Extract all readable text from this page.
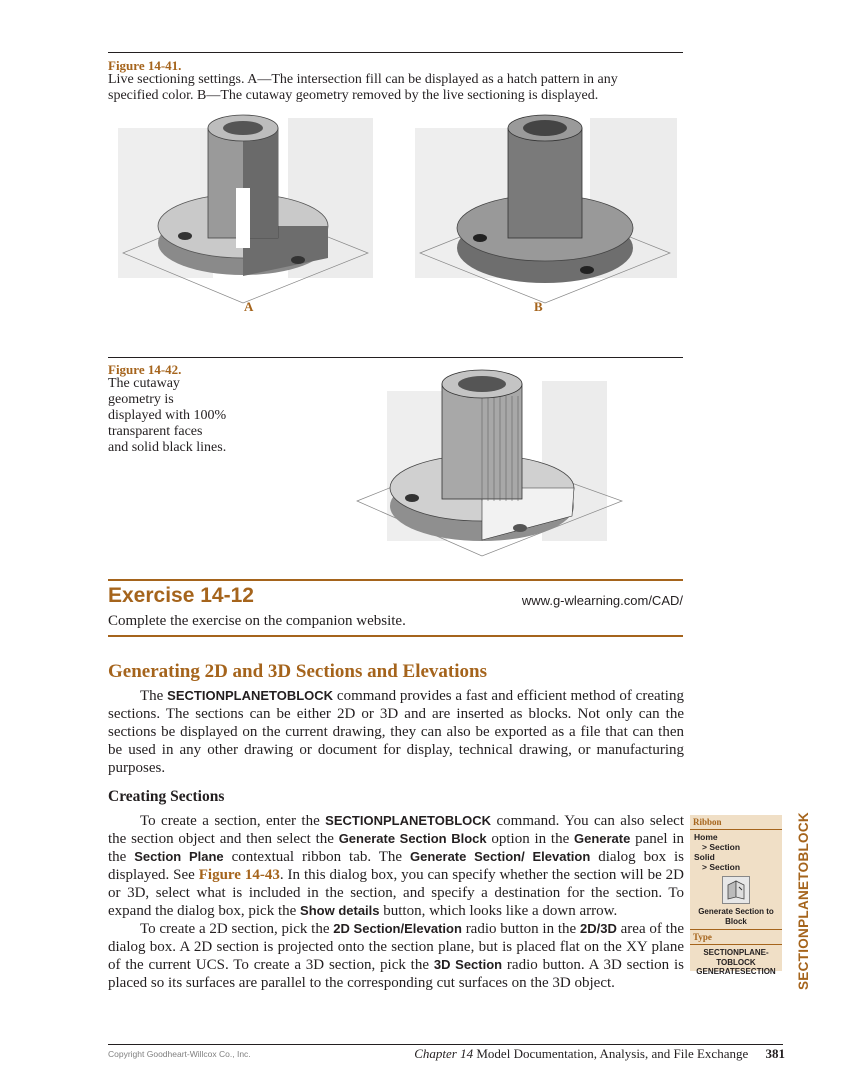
Figure 14-41.
Live sectioning settings. A—The intersection fill can be displayed as a hatch pattern in any
specified color. B—The cutaway geometry removed by the live sectioning is displayed.
A	B
Figure 14-42.
The cutaway
geometry is
displayed with 100%
transparent faces
and solid black lines.
Exercise 14-12	www.g-wlearning.com/CAD/
Complete the exercise on the companion website.
Generating 2D and 3D Sections and Elevations

The SECTIONPLANETOBLOCK command provides a fast and efficient method of creating sections. The sections can be either 2D or 3D and are inserted as blocks. Not only can the sections be displayed on the current drawing, they can also be exported as a file that can then be used in any other drawing or document for display, technical drawing, or manufacturing purposes.

Creating Sections

To create a section, enter the SECTIONPLANETOBLOCK command. You can also select the section object and then select the Generate Section Block option in the Generate panel in the Section Plane contextual ribbon tab. The Generate Section/ Elevation dialog box is displayed. See Figure 14-43. In this dialog box, you can specify whether the section will be 2D or 3D, select what is included in the section, and specify a destination for the section. To expand the dialog box, pick the Show details button, which looks like a down arrow.

To create a 2D section, pick the 2D Section/Elevation radio button in the 2D/3D area of the dialog box. A 2D section is projected onto the section plane, but is placed flat on the XY plane of the current UCS. To create a 3D section, pick the 3D Section radio button. A 3D section is placed so its surfaces are parallel to the corresponding cut surfaces on the 3D object.

Ribbon
Home
> Section
Solid
> Section
Generate Section to Block
Type
SECTIONPLANE-
TOBLOCK
GENERATESECTION	SECTIONPLANETOBLOCK
Copyright Goodheart-Willcox Co., Inc.	Chapter 14 Model Documentation, Analysis, and File Exchange 381
